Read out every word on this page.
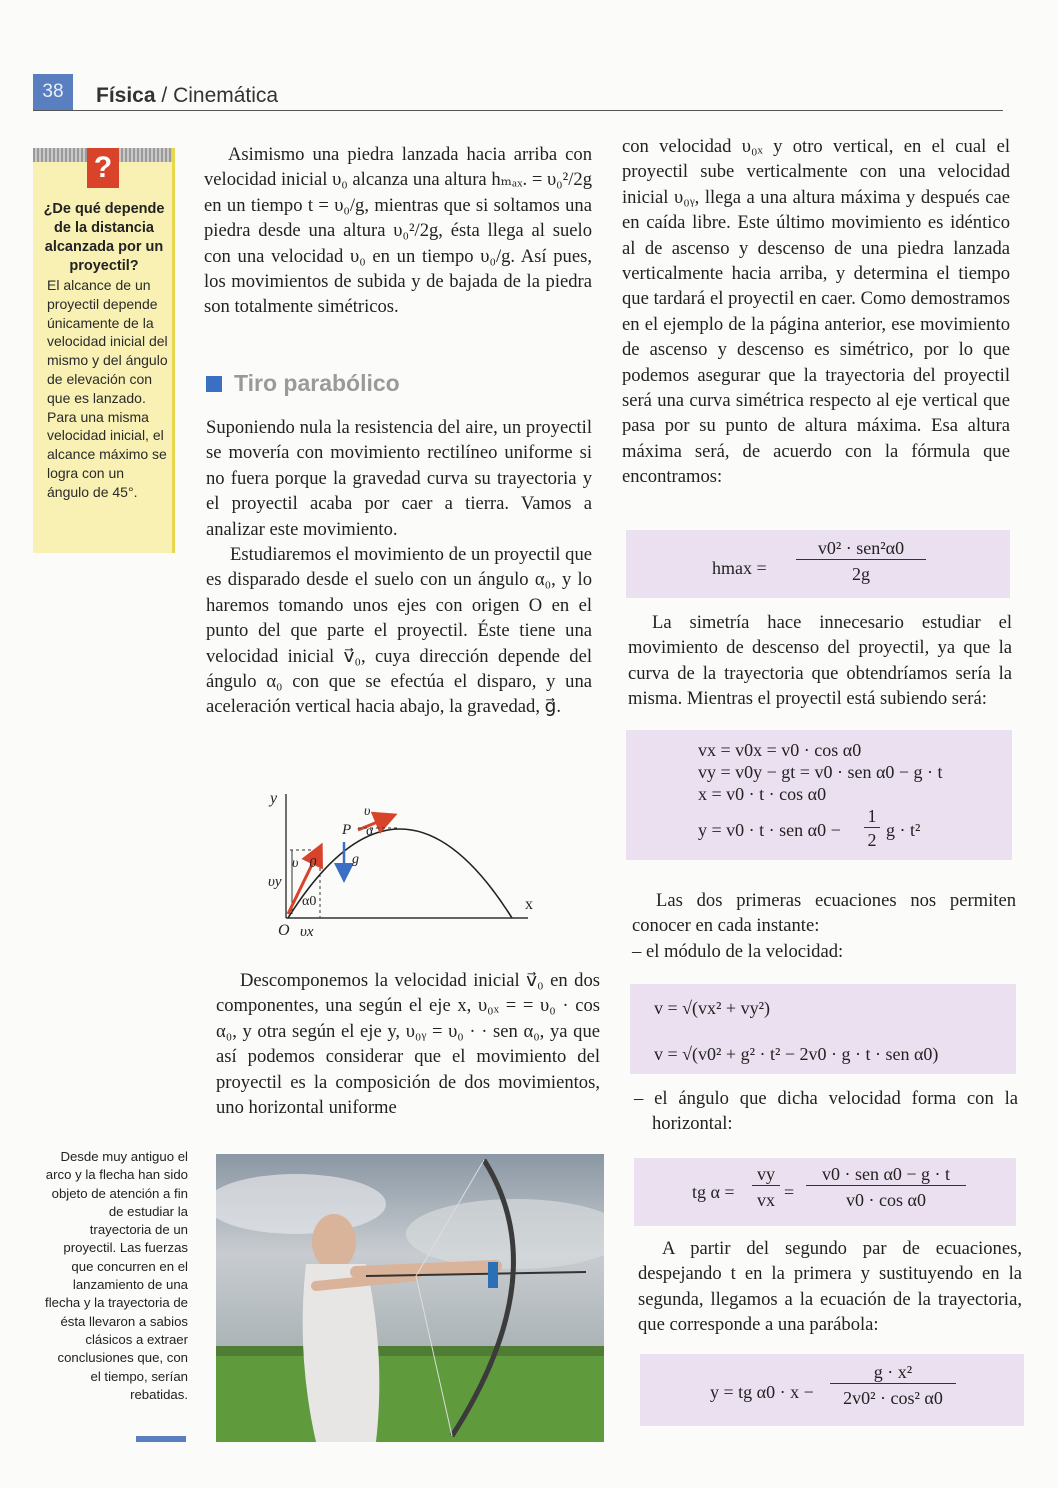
38	Física / Cinemática
?
¿De qué depende de la distancia alcanzada por un proyectil?
El alcance de un proyectil depende únicamente de la velocidad inicial del mismo y del ángulo de elevación con que es lanzado. Para una misma velocidad inicial, el alcance máximo se logra con un ángulo de 45°.

Asimismo una piedra lanzada hacia arriba con velocidad inicial υ₀ alcanza una altura hₘₐₓ. = υ₀²/2g en un tiempo t = υ₀/g, mientras que si soltamos una piedra desde una altura υ₀²/2g, ésta llega al suelo con una velocidad υ₀ en un tiempo υ₀/g. Así pues, los movimientos de subida y de bajada de la piedra son totalmente simétricos.

Tiro parabólico

Suponiendo nula la resistencia del aire, un proyectil se movería con movimiento rectilíneo uniforme si no fuera porque la gravedad curva su trayectoria y el proyectil acaba por caer a tierra. Vamos a analizar este movimiento.

Estudiaremos el movimiento de un proyectil que es disparado desde el suelo con un ángulo α₀, y lo haremos tomando unos ejes con origen O en el punto del que parte el proyectil. Éste tiene una velocidad inicial v⃗₀, cuya dirección depende del ángulo α₀ con que se efectúa el disparo, y una aceleración vertical hacia abajo, la gravedad, g⃗.

y
x
O υx
υy
υ⃗0
α0
P
υ⃗
α
g⃗

Descomponemos la velocidad inicial v⃗₀ en dos componentes, una según el eje x, υ₀ₓ = = υ₀ · cos α₀, y otra según el eje y, υ₀ᵧ = υ₀ · · sen α₀, ya que así podemos considerar que el movimiento del proyectil es la composición de dos movimientos, uno horizontal uniforme

Desde muy antiguo el arco y la flecha han sido objeto de atención a fin de estudiar la trayectoria de un proyectil. Las fuerzas que concurren en el lanzamiento de una flecha y la trayectoria de ésta llevaron a sabios clásicos a extraer conclusiones que, con el tiempo, serían rebatidas.

con velocidad υ₀ₓ y otro vertical, en el cual el proyectil sube verticalmente con una velocidad inicial υ₀ᵧ, llega a una altura máxima y después cae en caída libre. Este último movimiento es idéntico al de ascenso y descenso de una piedra lanzada verticalmente hacia arriba, y determina el tiempo que tardará el proyectil en caer. Como demostramos en el ejemplo de la página anterior, ese movimiento de ascenso y descenso es simétrico, por lo que podemos asegurar que la trayectoria del proyectil será una curva simétrica respecto al eje vertical que pasa por su punto de altura máxima. Esa altura máxima será, de acuerdo con la fórmula que encontramos:

hmax =
v0² · sen²α0
2g

La simetría hace innecesario estudiar el movimiento de descenso del proyectil, ya que la curva de la trayectoria que obtendríamos sería la misma. Mientras el proyectil está subiendo será:

vx = v0x = v0 · cos α0
vy = v0y − gt = v0 · sen α0 − g · t
x = v0 · t · cos α0
y = v0 · t · sen α0 −
1
2 g · t²

Las dos primeras ecuaciones nos permiten conocer en cada instante:

– el módulo de la velocidad:

v = √(vx² + vy²)
v = √(v0² + g² · t² − 2v0 · g · t · sen α0)

– el ángulo que dicha velocidad forma con la horizontal:

tg α =
vy
vx =
v0 · sen α0 − g · t
v0 · cos α0

A partir del segundo par de ecuaciones, despejando t en la primera y sustituyendo en la segunda, llegamos a la ecuación de la trayectoria, que corresponde a una parábola:

y = tg α0 · x −
g · x²
2v0² · cos² α0
